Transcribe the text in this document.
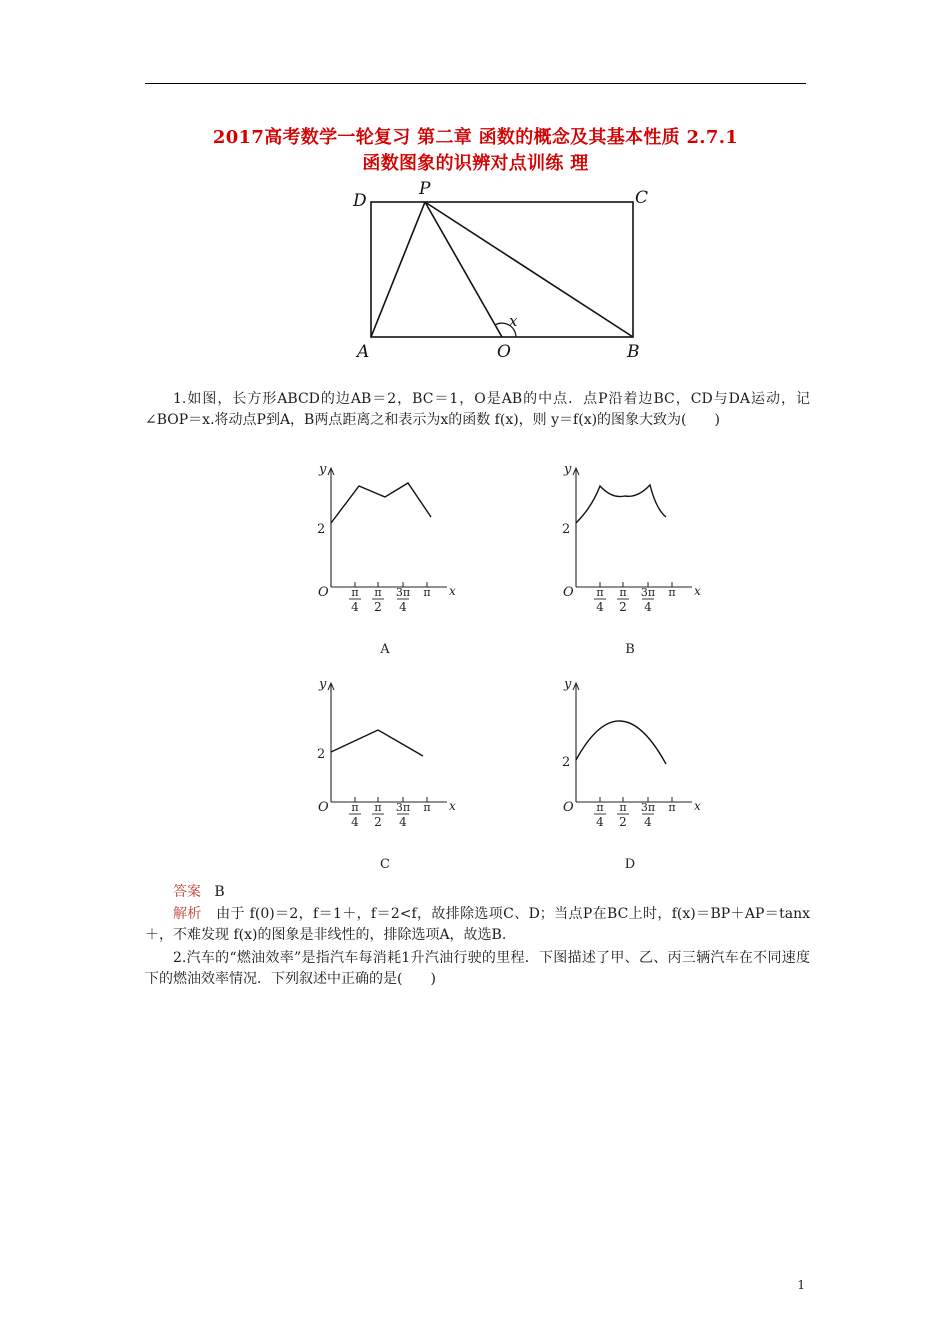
2017高考数学一轮复习 第二章 函数的概念及其基本性质 2.7.1
函数图象的识辨对点训练 理
D
P	C
A	O	B
x
1.如图，长方形ABCD的边AB＝2，BC＝1，O是AB的中点．点P沿着边BC，CD与DA运动，记∠BOP＝x.将动点P到A，B两点距离之和表示为x的函数 f(x)，则 y＝f(x)的图象大致为(　　)
y
x
O
2
π
4
π
2
3π
4
π
A
y
x
O
2
π
4
π
2
3π
4
π
B
y
x
O
2
π
4
π
2
3π
4
π
C
y
x
O
2
π
4
π
2
3π
4
π
D
答案 B
解析 由于 f(0)＝2，f＝1＋，f＝2<f，故排除选项C、D；当点P在BC上时，f(x)＝BP＋AP＝tanx＋，不难发现 f(x)的图象是非线性的，排除选项A，故选B.
2.汽车的“燃油效率”是指汽车每消耗1升汽油行驶的里程．下图描述了甲、乙、丙三辆汽车在不同速度下的燃油效率情况．下列叙述中正确的是(　　)
1
